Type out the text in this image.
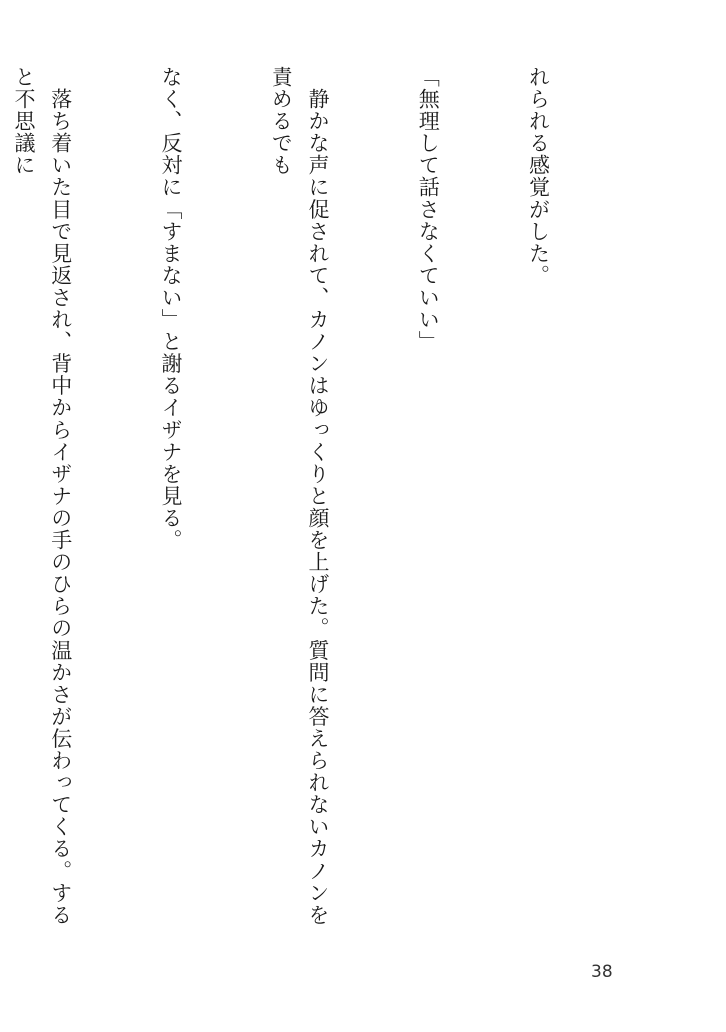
れられる感覚がした。

「無理して話さなくていい」

　静かな声に促されて、カノンはゆっくりと顔を上げた。質問に答えられないカノンを責めるでも

なく、反対に「すまない」と謝るイザナを見る。

　落ち着いた目で見返され、背中からイザナの手のひらの温かさが伝わってくる。すると不思議に

38
